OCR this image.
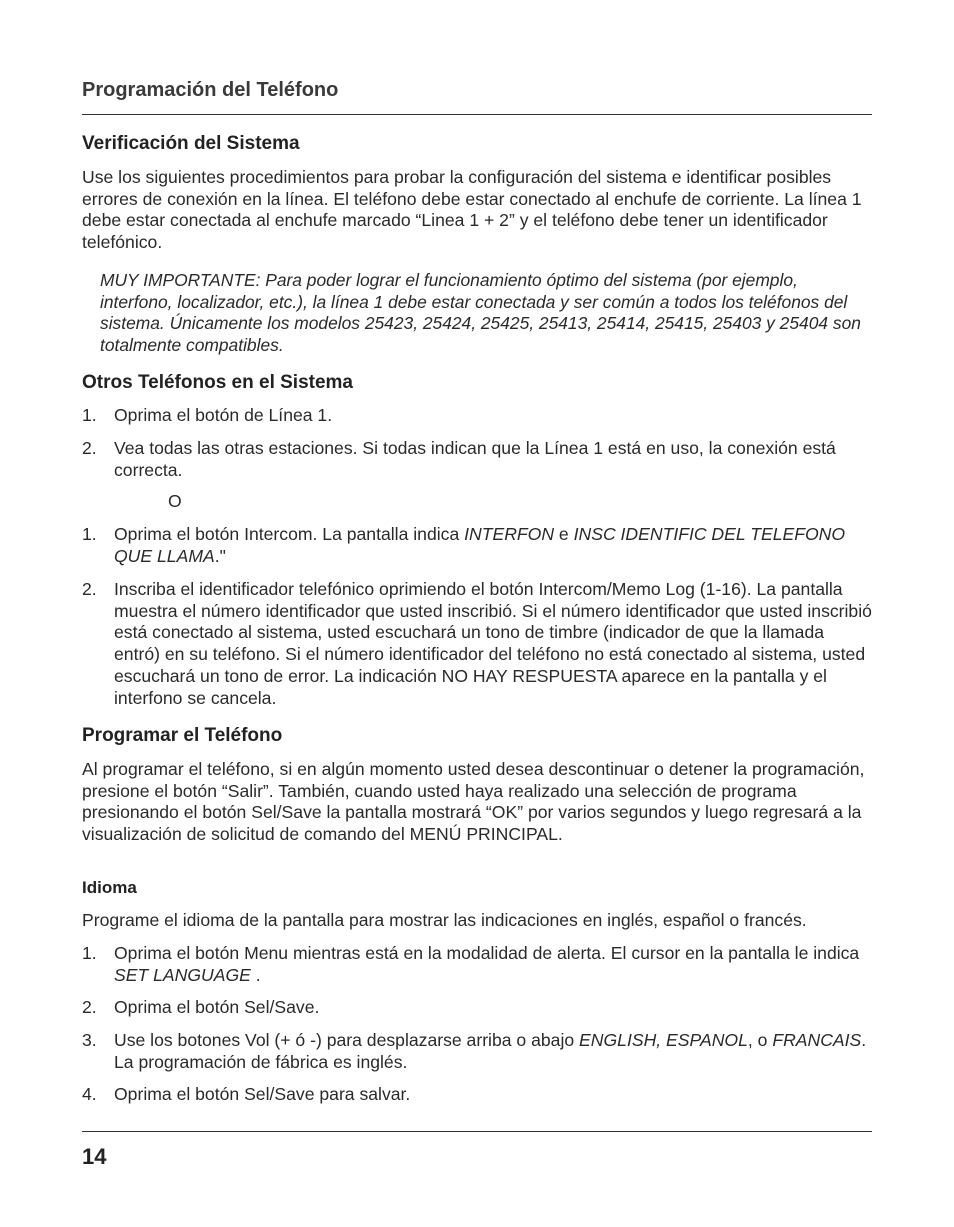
Programación del Teléfono
Verificación del Sistema

Use los siguientes procedimientos para probar la configuración del sistema e identificar posibles errores de conexión en la línea. El teléfono debe estar conectado al enchufe de corriente. La línea 1 debe estar conectada al enchufe marcado “Linea 1 + 2” y el teléfono debe tener un identificador telefónico.

MUY IMPORTANTE: Para poder lograr el funcionamiento óptimo del sistema (por ejemplo, interfono, localizador, etc.), la línea 1 debe estar conectada y ser común a todos los teléfonos del sistema. Únicamente los modelos 25423, 25424, 25425, 25413, 25414, 25415, 25403 y 25404 son totalmente compatibles.

Otros Teléfonos en el Sistema
1. Oprima el botón de Línea 1.
2. Vea todas las otras estaciones. Si todas indican que la Línea 1 está en uso, la conexión está correcta.
O
1. Oprima el botón Intercom. La pantalla indica INTERFON e INSC IDENTIFIC DEL TELEFONO QUE LLAMA."
2. Inscriba el identificador telefónico oprimiendo el botón Intercom/Memo Log (1-16). La pantalla muestra el número identificador que usted inscribió. Si el número identificador que usted inscribió está conectado al sistema, usted escuchará un tono de timbre (indicador de que la llamada entró) en su teléfono. Si el número identificador del teléfono no está conectado al sistema, usted escuchará un tono de error. La indicación NO HAY RESPUESTA aparece en la pantalla y el interfono se cancela.
Programar el Teléfono

Al programar el teléfono, si en algún momento usted desea descontinuar o detener la programación, presione el botón “Salir”. También, cuando usted haya realizado una selección de programa presionando el botón Sel/Save la pantalla mostrará “OK” por varios segundos y luego regresará a la visualización de solicitud de comando del MENÚ PRINCIPAL.

Idioma

Programe el idioma de la pantalla para mostrar las indicaciones en inglés, español o francés.

1. Oprima el botón Menu mientras está en la modalidad de alerta. El cursor en la pantalla le indica SET LANGUAGE .
2. Oprima el botón Sel/Save.
3. Use los botones Vol (+ ó -) para desplazarse arriba o abajo ENGLISH, ESPANOL, o FRANCAIS. La programación de fábrica es inglés.
4. Oprima el botón Sel/Save para salvar.
14
